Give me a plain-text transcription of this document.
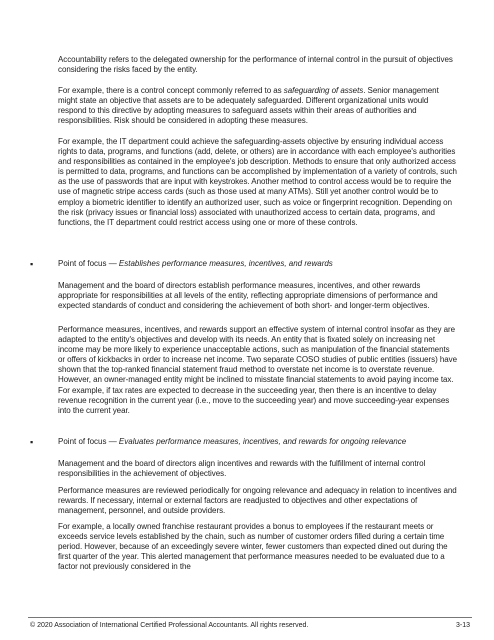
Accountability refers to the delegated ownership for the performance of internal control in the pursuit of objectives considering the risks faced by the entity.

For example, there is a control concept commonly referred to as safeguarding of assets. Senior management might state an objective that assets are to be adequately safeguarded. Different organizational units would respond to this directive by adopting measures to safeguard assets within their areas of authorities and responsibilities. Risk should be considered in adopting these measures.

For example, the IT department could achieve the safeguarding-assets objective by ensuring individual access rights to data, programs, and functions (add, delete, or others) are in accordance with each employee's authorities and responsibilities as contained in the employee's job description. Methods to ensure that only authorized access is permitted to data, programs, and functions can be accomplished by implementation of a variety of controls, such as the use of passwords that are input with keystrokes. Another method to control access would be to require the use of magnetic stripe access cards (such as those used at many ATMs). Still yet another control would be to employ a biometric identifier to identify an authorized user, such as voice or fingerprint recognition. Depending on the risk (privacy issues or financial loss) associated with unauthorized access to certain data, programs, and functions, the IT department could restrict access using one or more of these controls.

▪	Point of focus — Establishes performance measures, incentives, and rewards

Management and the board of directors establish performance measures, incentives, and other rewards appropriate for responsibilities at all levels of the entity, reflecting appropriate dimensions of performance and expected standards of conduct and considering the achievement of both short- and longer-term objectives.

Performance measures, incentives, and rewards support an effective system of internal control insofar as they are adapted to the entity's objectives and develop with its needs. An entity that is fixated solely on increasing net income may be more likely to experience unacceptable actions, such as manipulation of the financial statements or offers of kickbacks in order to increase net income. Two separate COSO studies of public entities (issuers) have shown that the top-ranked financial statement fraud method to overstate net income is to overstate revenue. However, an owner-managed entity might be inclined to misstate financial statements to avoid paying income tax. For example, if tax rates are expected to decrease in the succeeding year, then there is an incentive to delay revenue recognition in the current year (i.e., move to the succeeding year) and move succeeding-year expenses into the current year.

▪	Point of focus — Evaluates performance measures, incentives, and rewards for ongoing relevance

Management and the board of directors align incentives and rewards with the fulfillment of internal control responsibilities in the achievement of objectives.

Performance measures are reviewed periodically for ongoing relevance and adequacy in relation to incentives and rewards. If necessary, internal or external factors are readjusted to objectives and other expectations of management, personnel, and outside providers.

For example, a locally owned franchise restaurant provides a bonus to employees if the restaurant meets or exceeds service levels established by the chain, such as number of customer orders filled during a certain time period. However, because of an exceedingly severe winter, fewer customers than expected dined out during the first quarter of the year. This alerted management that performance measures needed to be evaluated due to a factor not previously considered in the

© 2020 Association of International Certified Professional Accountants. All rights reserved.	3-13
